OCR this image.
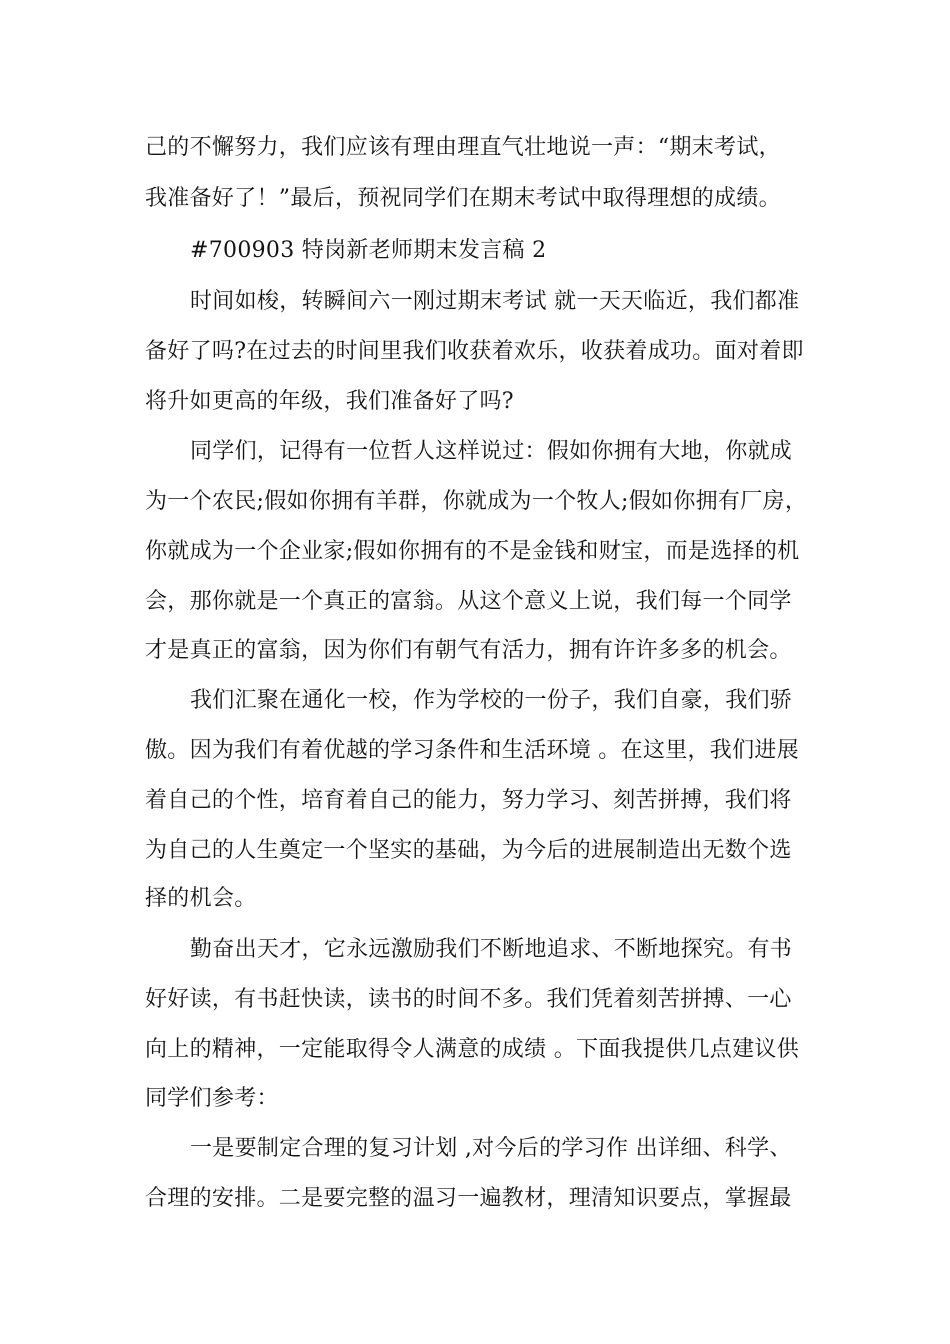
己的不懈努力，我们应该有理由理直气壮地说一声：“期末考试，
我准备好了！”最后，预祝同学们在期末考试中取得理想的成绩。
#700903 特岗新老师期末发言稿 2
时间如梭，转瞬间六一刚过期末考试 就一天天临近，我们都准
备好了吗?在过去的时间里我们收获着欢乐，收获着成功。面对着即
将升如更高的年级，我们准备好了吗?
同学们，记得有一位哲人这样说过：假如你拥有大地，你就成
为一个农民;假如你拥有羊群，你就成为一个牧人;假如你拥有厂房，
你就成为一个企业家;假如你拥有的不是金钱和财宝，而是选择的机
会，那你就是一个真正的富翁。从这个意义上说，我们每一个同学
才是真正的富翁，因为你们有朝气有活力，拥有许许多多的机会。
我们汇聚在通化一校，作为学校的一份子，我们自豪，我们骄
傲。因为我们有着优越的学习条件和生活环境 。在这里，我们进展
着自己的个性，培育着自己的能力，努力学习、刻苦拼搏，我们将
为自己的人生奠定一个坚实的基础，为今后的进展制造出无数个选
择的机会。
勤奋出天才，它永远激励我们不断地追求、不断地探究。有书
好好读，有书赶快读，读书的时间不多。我们凭着刻苦拼搏、一心
向上的精神，一定能取得令人满意的成绩 。下面我提供几点建议供
同学们参考：
一是要制定合理的复习计划 ,对今后的学习作 出详细、科学、
合理的安排。二是要完整的温习一遍教材，理清知识要点，掌握最
